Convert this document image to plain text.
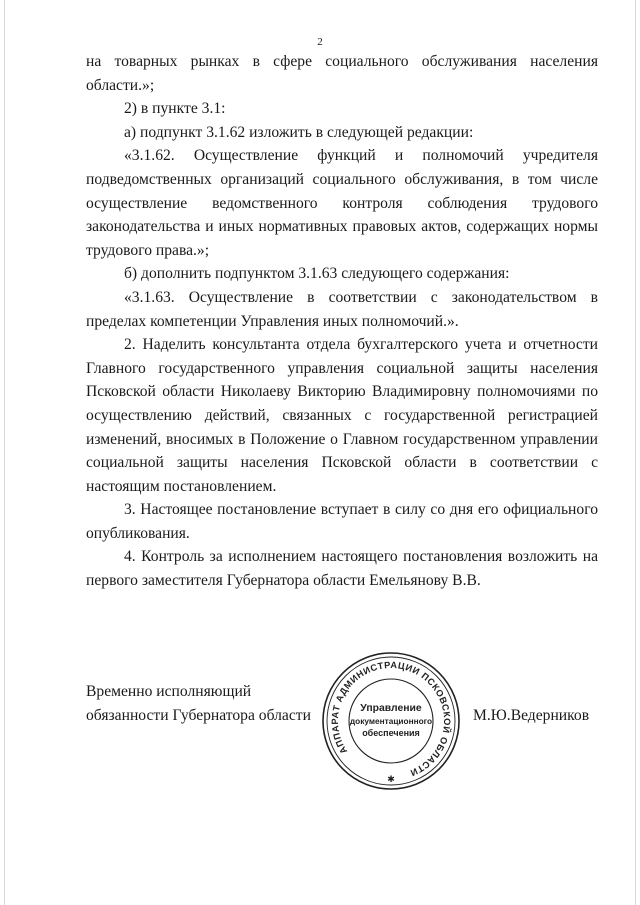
2

на товарных рынках в сфере социального обслуживания населения области.»;

2) в пункте 3.1:

а) подпункт 3.1.62 изложить в следующей редакции:

«3.1.62. Осуществление функций и полномочий учредителя подведомственных организаций социального обслуживания, в том числе осуществление ведомственного контроля соблюдения трудового законодательства и иных нормативных правовых актов, содержащих нормы трудового права.»;

б) дополнить подпунктом 3.1.63 следующего содержания:

«3.1.63. Осуществление в соответствии с законодательством в пределах компетенции Управления иных полномочий.».

2. Наделить консультанта отдела бухгалтерского учета и отчетности Главного государственного управления социальной защиты населения Псковской области Николаеву Викторию Владимировну полномочиями по осуществлению действий, связанных с государственной регистрацией изменений, вносимых в Положение о Главном государственном управлении социальной защиты населения Псковской области в соответствии с настоящим постановлением.

3. Настоящее постановление вступает в силу со дня его официального опубликования.

4. Контроль за исполнением настоящего постановления возложить на первого заместителя Губернатора области Емельянову В.В.

Временно исполняющий
обязанности Губернатора области
АППАРАТ АДМИНИСТРАЦИИ ПСКОВСКОЙ ОБЛАСТИ
Управление
документационного
обеспечения
✱
М.Ю.Ведерников
